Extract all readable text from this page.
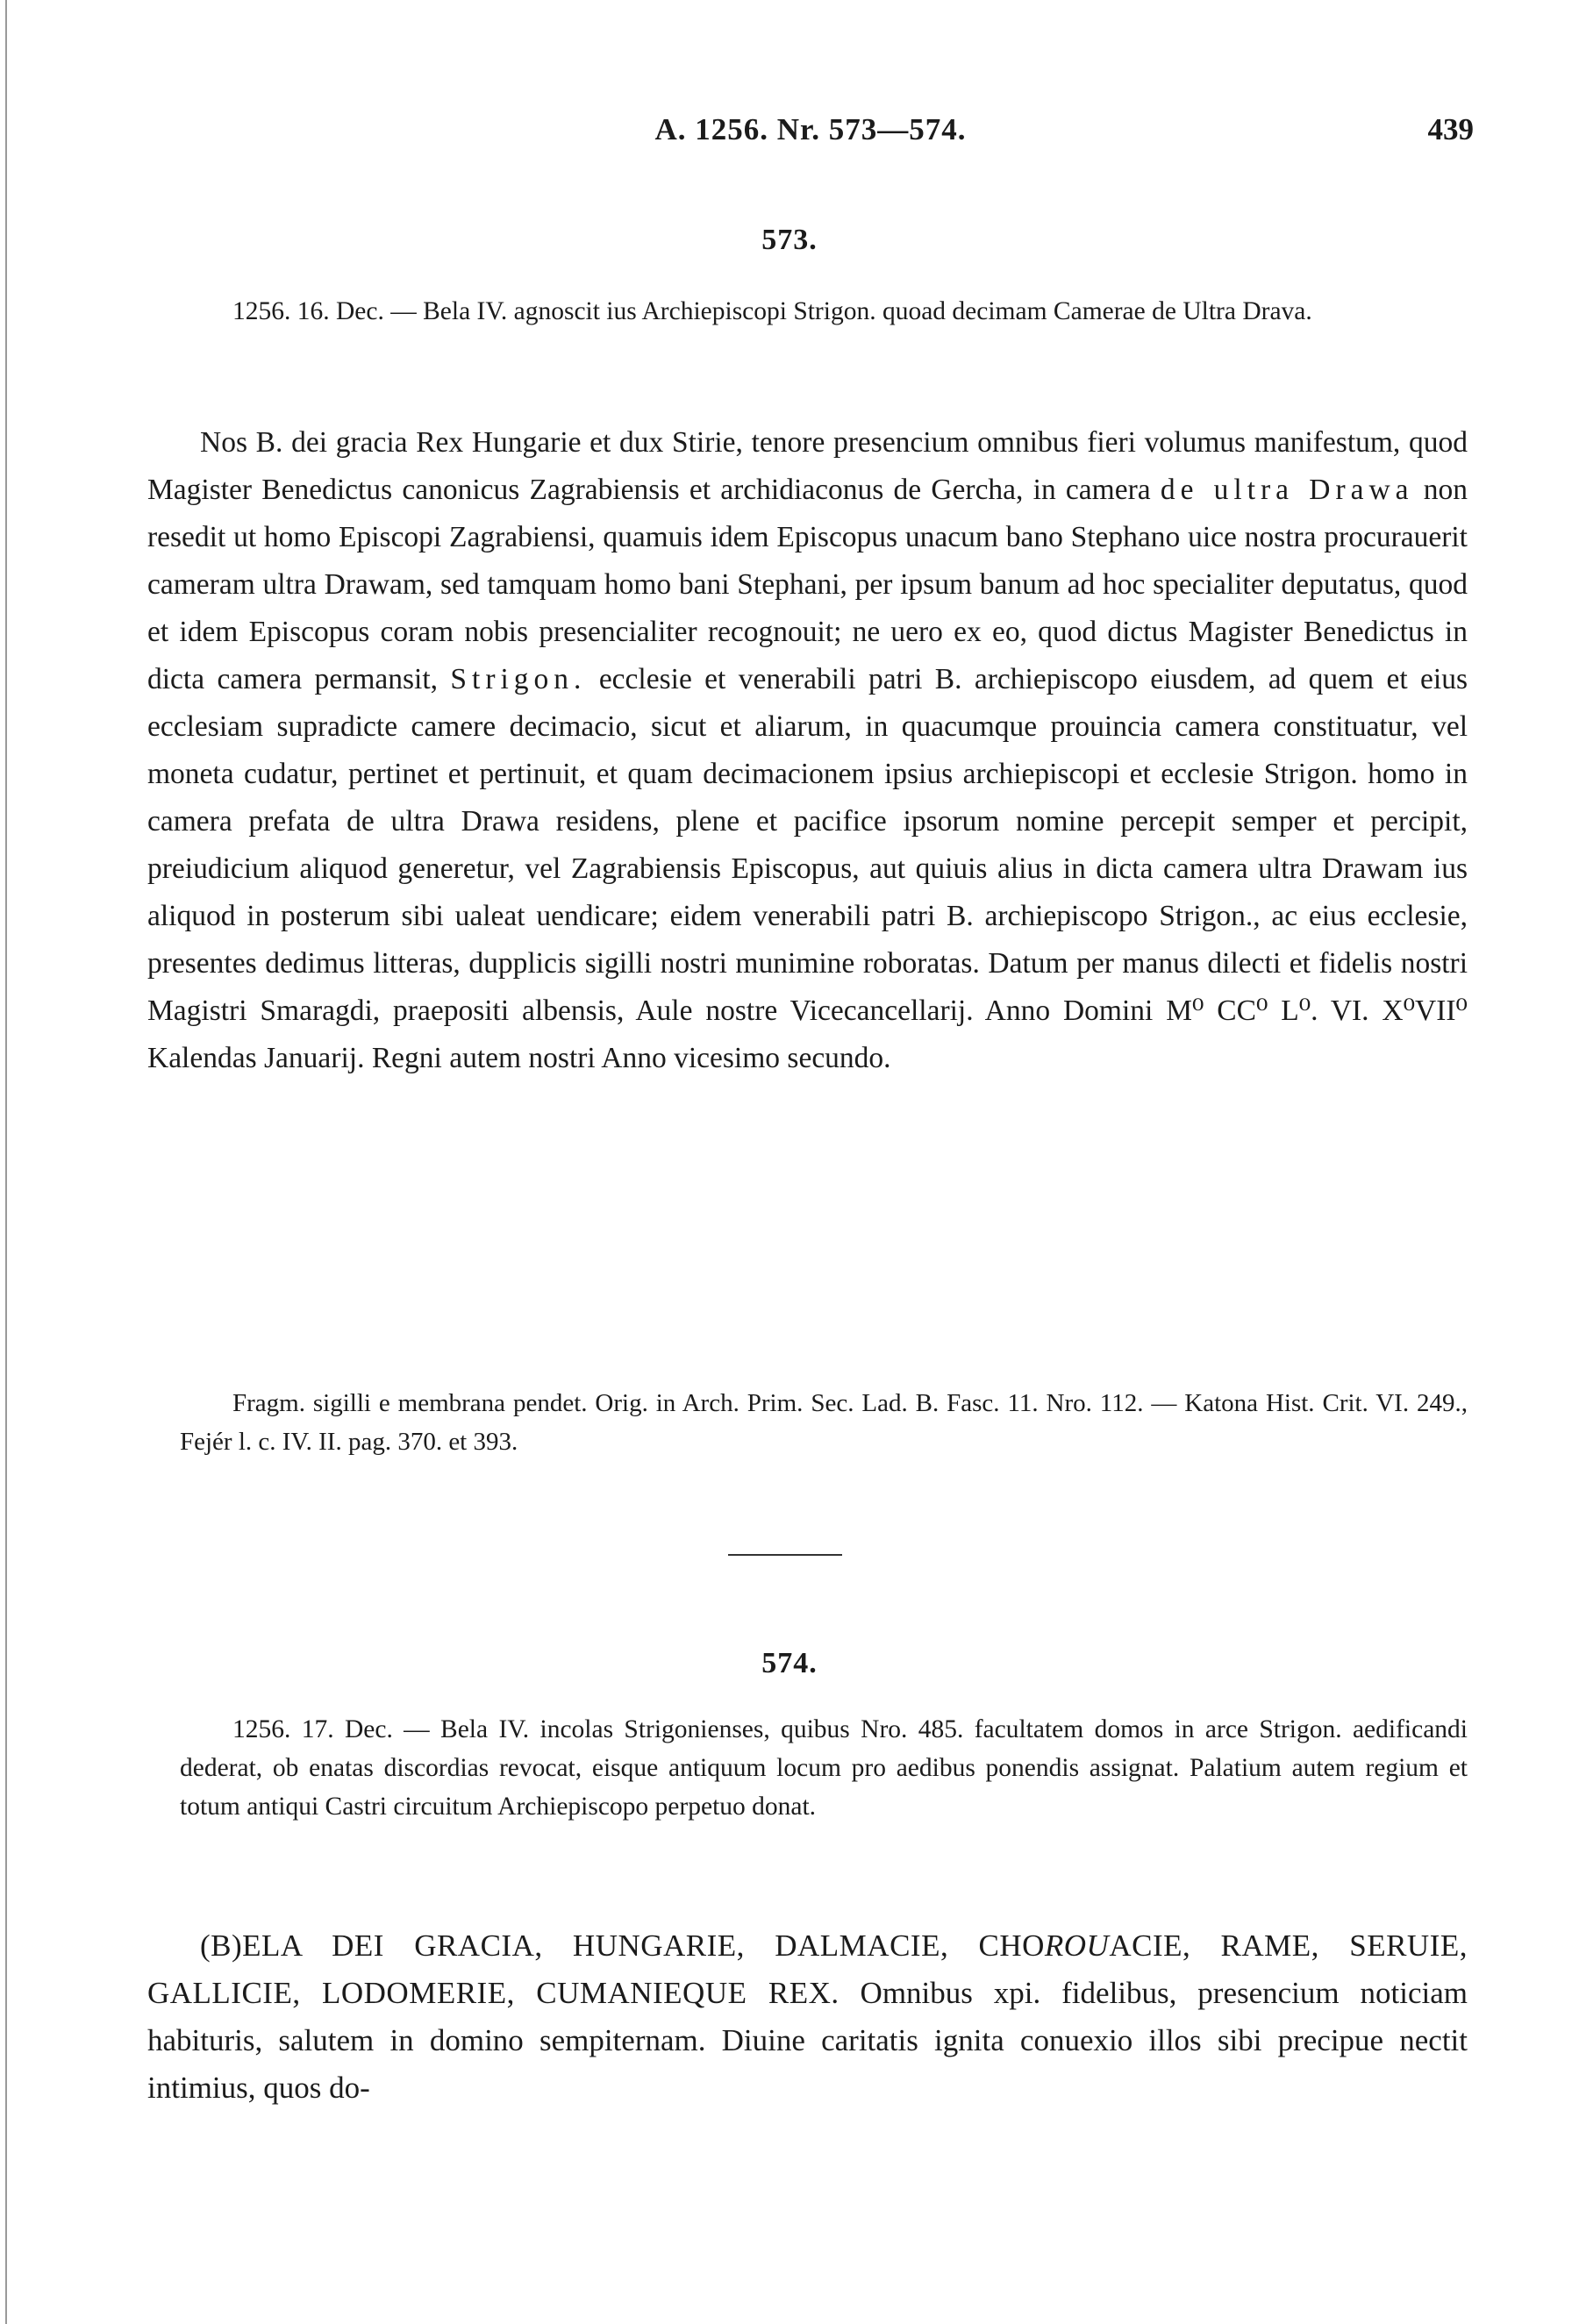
A. 1256. Nr. 573—574.	439
573.
1256. 16. Dec. — Bela IV. agnoscit ius Archiepiscopi Strigon. quoad decimam Camerae de Ultra Drava.
Nos B. dei gracia Rex Hungarie et dux Stirie, tenore presencium omnibus fieri volumus manifestum, quod Magister Benedictus canonicus Zagrabiensis et archidiaconus de Gercha, in camera de ultra Drawa non resedit ut homo Episcopi Zagrabiensi, quamuis idem Episcopus unacum bano Stephano uice nostra procurauerit cameram ultra Drawam, sed tamquam homo bani Stephani, per ipsum banum ad hoc specialiter deputatus, quod et idem Episcopus coram nobis presencialiter recognouit; ne uero ex eo, quod dictus Magister Benedictus in dicta camera permansit, Strigon. ecclesie et venerabili patri B. archiepiscopo eiusdem, ad quem et eius ecclesiam supradicte camere decimacio, sicut et aliarum, in quacumque prouincia camera constituatur, vel moneta cudatur, pertinet et pertinuit, et quam decimacionem ipsius archiepiscopi et ecclesie Strigon. homo in camera prefata de ultra Drawa residens, plene et pacifice ipsorum nomine percepit semper et percipit, preiudicium aliquod generetur, vel Zagrabiensis Episcopus, aut quiuis alius in dicta camera ultra Drawam ius aliquod in posterum sibi ualeat uendicare; eidem venerabili patri B. archiepiscopo Strigon., ac eius ecclesie, presentes dedimus litteras, dupplicis sigilli nostri munimine roboratas. Datum per manus dilecti et fidelis nostri Magistri Smaragdi, praepositi albensis, Aule nostre Vicecancellarij. Anno Domini M⁰ CC⁰ L⁰. VI. X⁰VII⁰ Kalendas Januarij. Regni autem nostri Anno vicesimo secundo.
Fragm. sigilli e membrana pendet. Orig. in Arch. Prim. Sec. Lad. B. Fasc. 11. Nro. 112. — Katona Hist. Crit. VI. 249., Fejér l. c. IV. II. pag. 370. et 393.
574.
1256. 17. Dec. — Bela IV. incolas Strigonienses, quibus Nro. 485. facultatem domos in arce Strigon. aedificandi dederat, ob enatas discordias revocat, eisque antiquum locum pro aedibus ponendis assignat. Palatium autem regium et totum antiqui Castri circuitum Archiepiscopo perpetuo donat.
(B)ELA DEI GRACIA, HUNGARIE, DALMACIE, CHOROUACIE, RAME, SERUIE, GALLICIE, LODOMERIE, CUMANIEQUE REX. Omnibus xpi. fidelibus, presencium noticiam habituris, salutem in domino sempiternam. Diuine caritatis ignita conuexio illos sibi precipue nectit intimius, quos do-
